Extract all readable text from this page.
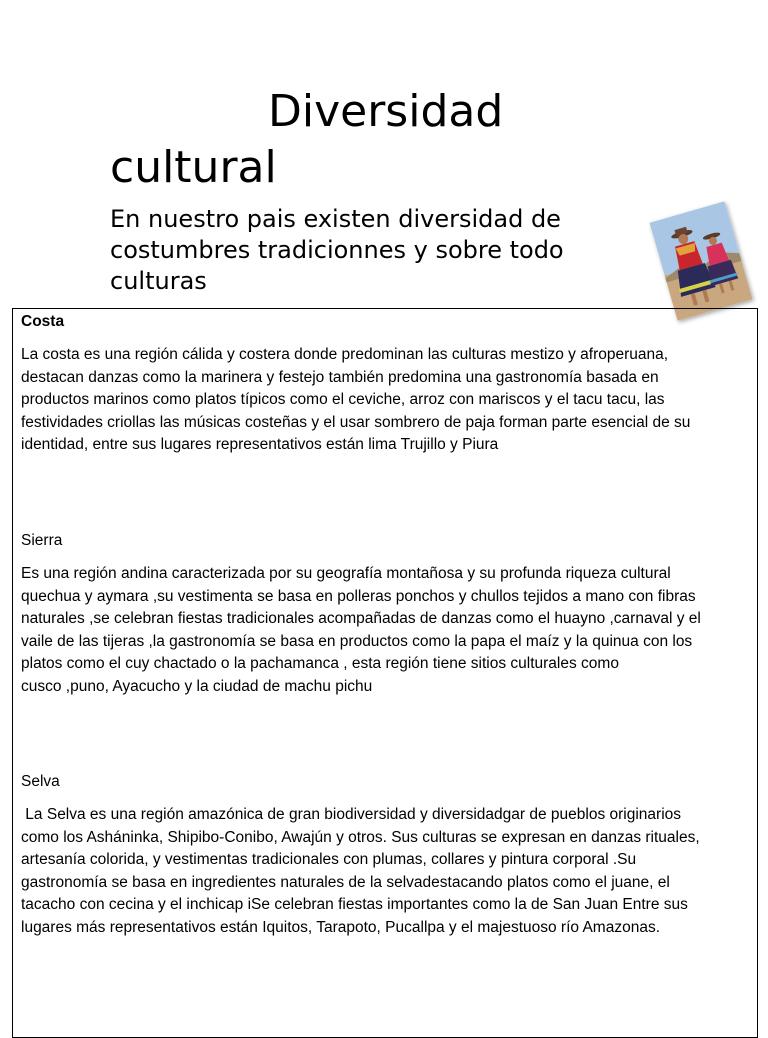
Diversidad
cultural

En nuestro pais existen diversidad de
costumbres tradicionnes y sobre todo
culturas

Costa
La costa es una región cálida y costera donde predominan las culturas mestizo y afroperuana,
destacan danzas como la marinera y festejo también predomina una gastronomía basada en
productos marinos como platos típicos como el ceviche, arroz con mariscos y el tacu tacu, las
festividades criollas las músicas costeñas y el usar sombrero de paja forman parte esencial de su
identidad, entre sus lugares representativos están lima Trujillo y Piura
Sierra
Es una región andina caracterizada por su geografía montañosa y su profunda riqueza cultural
quechua y aymara ,su vestimenta se basa en polleras ponchos y chullos tejidos a mano con fibras
naturales ,se celebran fiestas tradicionales acompañadas de danzas como el huayno ,carnaval y el
vaile de las tijeras ,la gastronomía se basa en productos como la papa el maíz y la quinua con los
platos como el cuy chactado o la pachamanca , esta región tiene sitios culturales como
cusco ,puno, Ayacucho y la ciudad de machu pichu
Selva
La Selva es una región amazónica de gran biodiversidad y diversidadgar de pueblos originarios
como los Asháninka, Shipibo-Conibo, Awajún y otros. Sus culturas se expresan en danzas rituales,
artesanía colorida, y vestimentas tradicionales con plumas, collares y pintura corporal .Su
gastronomía se basa en ingredientes naturales de la selvadestacando platos como el juane, el
tacacho con cecina y el inchicap iSe celebran fiestas importantes como la de San Juan Entre sus
lugares más representativos están Iquitos, Tarapoto, Pucallpa y el majestuoso río Amazonas.
